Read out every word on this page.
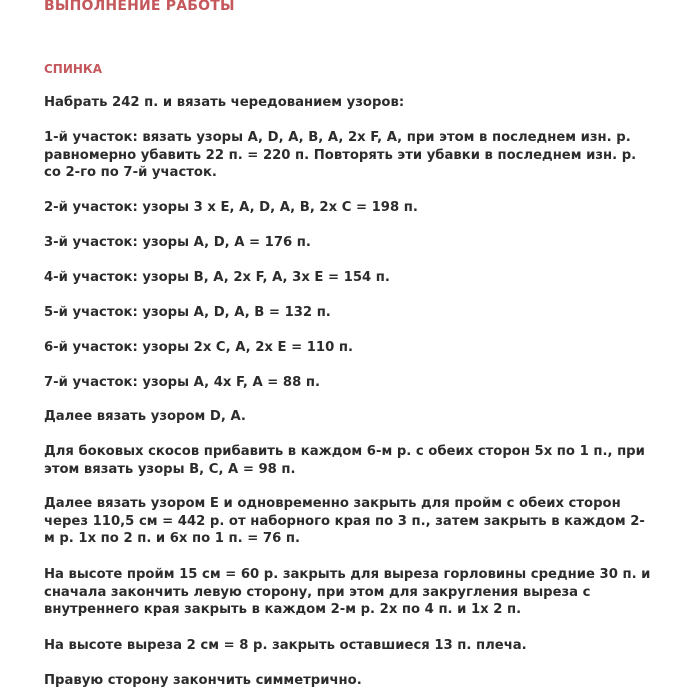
ВЫПОЛНЕНИЕ РАБОТЫ
СПИНКА

Набрать 242 п. и вязать чередованием узоров:

1-й участок: вязать узоры A, D, A, B, A, 2x F, A, при этом в последнем изн. р.
равномерно убавить 22 п. = 220 п. Повторять эти убавки в последнем изн. р.
со 2-го по 7-й участок.

2-й участок: узоры 3 x E, A, D, A, B, 2x C = 198 п.

3-й участок: узоры A, D, A = 176 п.

4-й участок: узоры B, A, 2x F, A, 3x E = 154 п.

5-й участок: узоры A, D, A, B = 132 п.

6-й участок: узоры 2x C, A, 2x E = 110 п.

7-й участок: узоры A, 4x F, A = 88 п.

Далее вязать узором D, A.

Для боковых скосов прибавить в каждом 6-м р. с обеих сторон 5x по 1 п., при
этом вязать узоры B, C, A = 98 п.

Далее вязать узором E и одновременно закрыть для пройм с обеих сторон
через 110,5 см = 442 р. от наборного края по 3 п., затем закрыть в каждом 2-
м р. 1x по 2 п. и 6x по 1 п. = 76 п.

На высоте пройм 15 см = 60 р. закрыть для выреза горловины средние 30 п. и
сначала закончить левую сторону, при этом для закругления выреза с
внутреннего края закрыть в каждом 2-м р. 2x по 4 п. и 1x 2 п.

На высоте выреза 2 см = 8 р. закрыть оставшиеся 13 п. плеча.

Правую сторону закончить симметрично.
